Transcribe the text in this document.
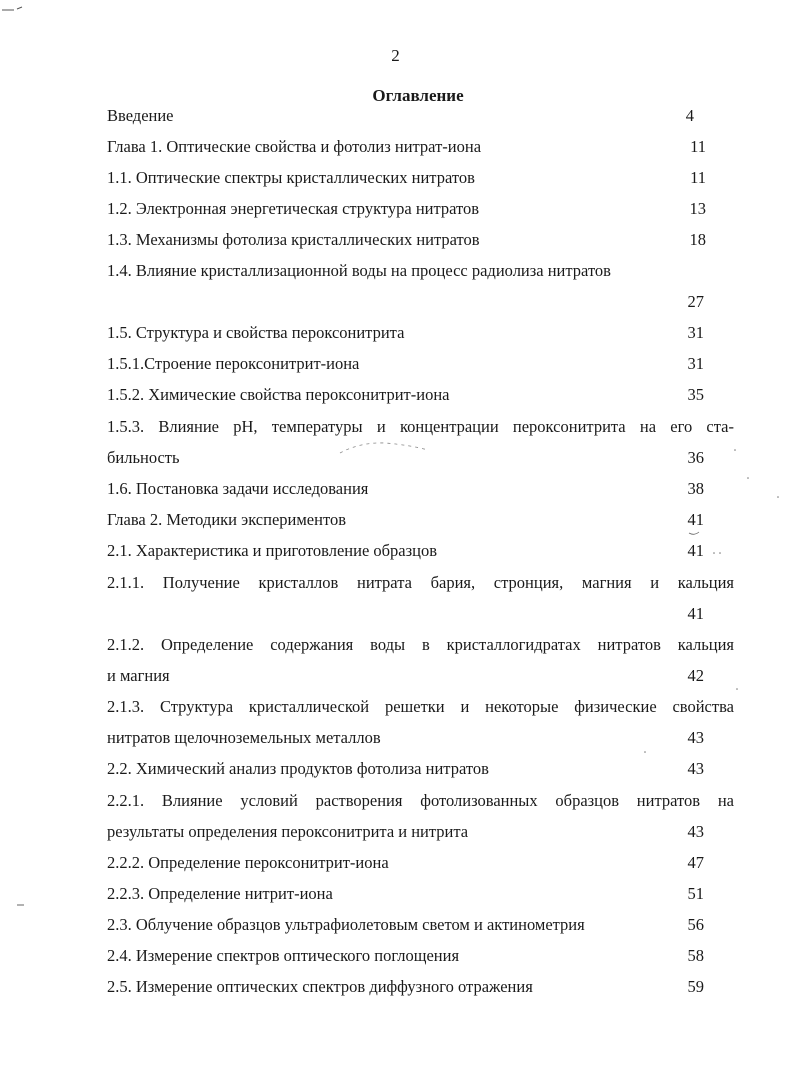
2
Оглавление
Введение	4
Глава 1. Оптические свойства и фотолиз нитрат-иона	11
1.1. Оптические спектры кристаллических нитратов	11
1.2. Электронная энергетическая структура нитратов	13
1.3. Механизмы фотолиза кристаллических нитратов	18
1.4. Влияние кристаллизационной воды на процесс радиолиза нитратов
27
1.5. Структура и свойства пероксонитрита	31
1.5.1.Строение пероксонитрит-иона	31
1.5.2. Химические свойства пероксонитрит-иона	35
1.5.3. Влияние pH, температуры и концентрации пероксонитрита на его ста-
бильность	36
1.6. Постановка задачи исследования	38
Глава 2. Методики экспериментов	41
2.1. Характеристика и приготовление образцов	41
2.1.1. Получение кристаллов нитрата бария, стронция, магния и кальция
41
2.1.2. Определение содержания воды в кристаллогидратах нитратов кальция
и магния	42
2.1.3. Структура кристаллической решетки и некоторые физические свойства
нитратов щелочноземельных металлов	43
2.2. Химический анализ продуктов фотолиза нитратов	43
2.2.1. Влияние условий растворения фотолизованных образцов нитратов на
результаты определения пероксонитрита и нитрита	43
2.2.2. Определение пероксонитрит-иона	47
2.2.3. Определение нитрит-иона	51
2.3. Облучение образцов ультрафиолетовым светом и актинометрия	56
2.4. Измерение спектров оптического поглощения	58
2.5. Измерение оптических спектров диффузного отражения	59
